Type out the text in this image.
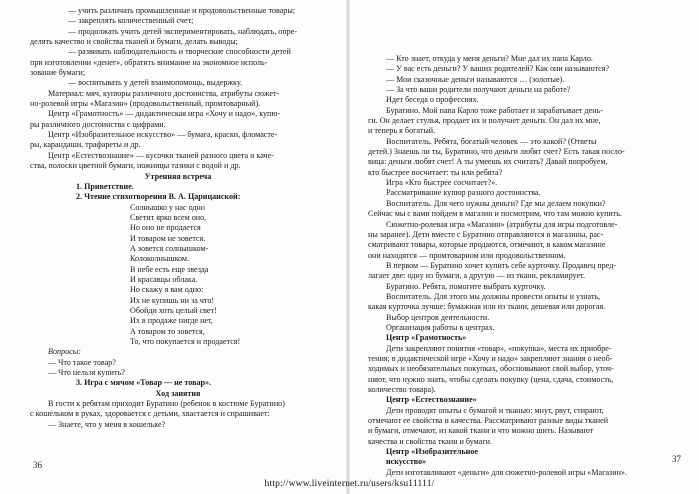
— учить различать промышленные и продовольственные товары;

— закреплять количественный счет;

— продолжать учить детей экспериментировать, наблюдать, опре-

делять качество и свойства тканей и бумаги, делать выводы;

— развивать наблюдательность и творческие способности детей

при изготовлении «денег», обратить внимание на экономное исполь-

зование бумаги;

— воспитывать у детей взаимопомощь, выдержку.

Материал: мяч, купюры различного достоинства, атрибуты сюжет-

но-ролевой игры «Магазин» (продовольственный, промтоварный).

Центр «Грамотность» — дидактическая игра «Хочу и надо», купю-

ры различного достоинства с цифрами.

Центр «Изобразительное искусство» — бумага, краски, фломасте-

ры, карандаши, трафареты и др.

Центр «Естествознание» — кусочки тканей разного цвета и каче-

ства, полоски цветной бумаги, ножницы тазики с водой и др.

Утренняя встреча

1. Приветствие.

2. Чтение стихотворения В. А. Царицанской:

Солнышко у нас одно

Светит ярко всем оно,

Но оно не продается

И товаром не зовется.

А зовется солнышком-

Колоколнышком.

В небе есть еще звезда

И красавцы облака.

Но скажу я вам одно:

Их не купишь ни за что!

Обойди хоть целый свет!

Их в продаже нигде нет,

А товаром то зовется,

То, что покупается и продается!

Вопросы:

— Что такое товар?

— Что нельзя купить?

3. Игра с мячом «Товар — не товар».

Ход занятия

В гости к ребятам приходит Буратино (ребенок в костюме Буратино)

с кошельком в руках, здоровается с детьми, хвастается и спрашивает:

— Знаете, что у меня в кошельке?

36

— Кто знает, откуда у меня деньги? Мне дал их папа Карло.

— У вас есть деньги? У ваших родителей? Как они называются?

— Мои сказочные деньги называются … (золотые).

— За что ваши родители получают деньги на работе?

Идет беседа о профессиях.

Буратино. Мой папа Карло тоже работает и зарабатывает день-

ги. Он делает стулья, продает их и получает деньги. Он дал их мне,

и теперь я богатый.

Воспитатель. Ребята, богатый человек — это какой? (Ответы

детей.) Знаешь ли ты, Буратино, что деньги любят счет? Есть такая посло-

вица: деньги любят счет! А ты умеешь их считать? Давай попробуем,

кто быстрее посчитает: ты или ребята?

Игра «Кто быстрее сосчитает?».

Рассматривание купюр разного достоинства.

Воспитатель. Для чего нужны деньги? Где мы делаем покупки?

Сейчас мы с вами пойдем в магазин и посмотрим, что там можно купить.

Сюжетно-ролевая игра «Магазин» (атрибуты для игры подготовле-

ны заранее). Дети вместе с Буратино отправляются в магазины, рас-

сматривают товары, которые продаются, отмечают, в каком магазине

они находятся — промтоварном или продовольственном.

В первом — Буратино хочет купить себе курточку. Продавец пред-

лагает две: одну из бумаги, а другую — из ткани, рекламирует.

Буратино. Ребята, помогите выбрать курточку.

Воспитатель. Для этого мы должны провести опыты и узнать,

какая курточка лучше: бумажная или из ткани, дешевая или дорогая.

Выбор центров деятельности.

Организация работы в центрах.

Центр «Грамотность»

Дети закрепляют понятия «товар», «покупка», места их приобре-

тения; в дидактической игре «Хочу и надо» закрепляют знания о необ-

ходимых и необязательных покупках, обосновывают свой выбор, уточ-

няют, что нужно знать, чтобы сделать покупку (цена, сдача, стоимость,

количество товара).

Центр «Естествознание»

Дети проводят опыты с бумагой и тканью: мнут, рвут, стирают,

отмечают ее свойства и качества. Рассматривают разные виды тканей

и бумаги, отмечают, из какой ткани и что можно шить. Называют

качества и свойства ткани и бумаги.

Центр «Изобразительное

искусство»

Дети изготавливают «деньги» для сюжетно-ролевой игры «Магазин».

37
http://www.liveinternet.ru/users/ksu11111/
